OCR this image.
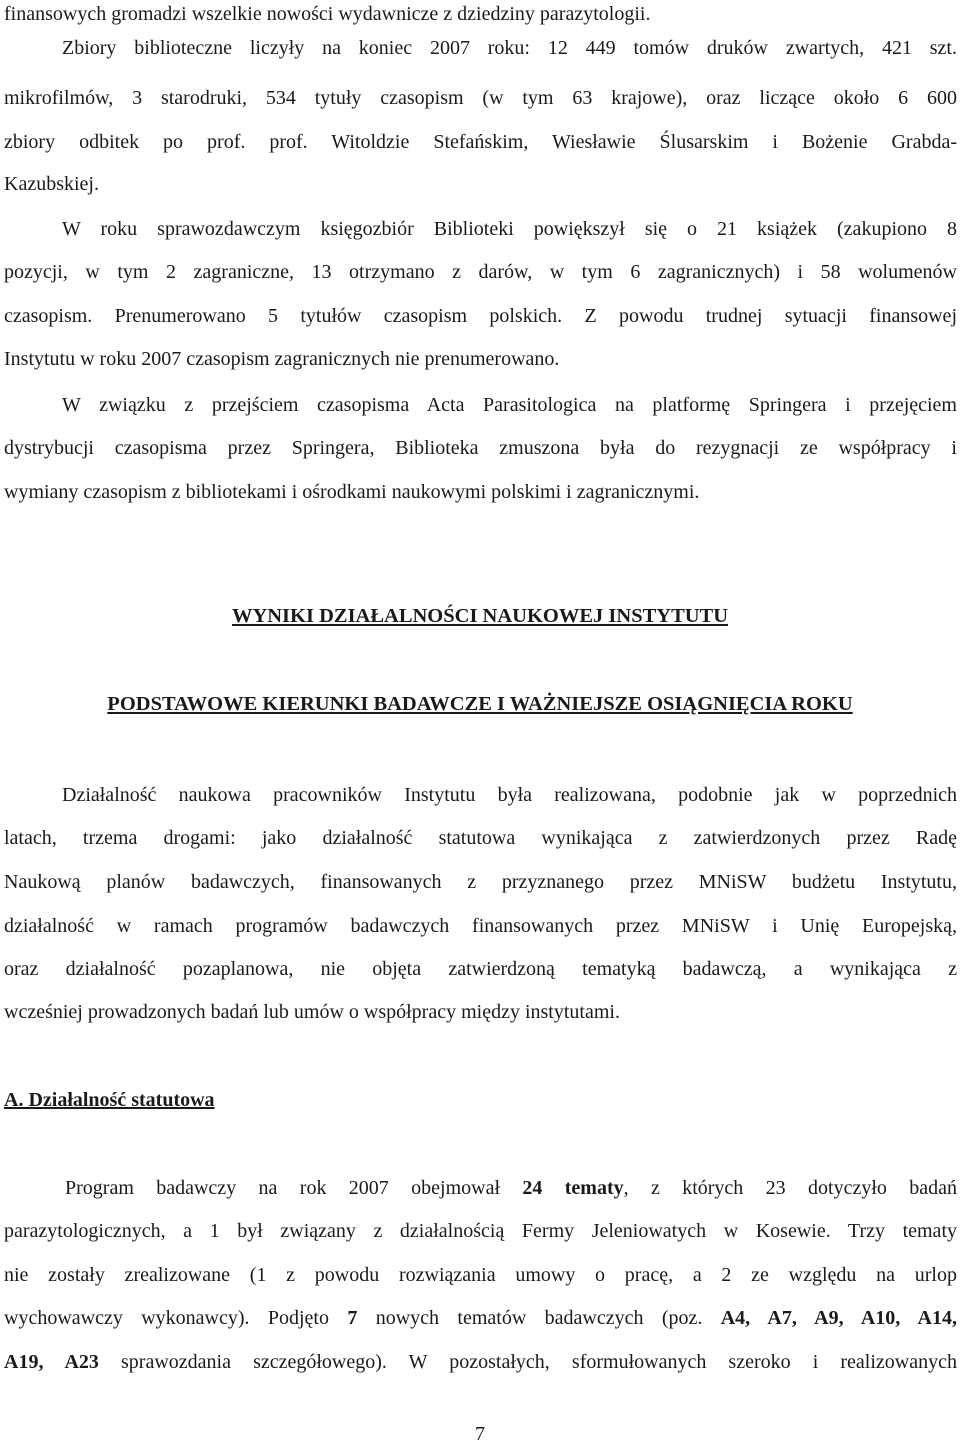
finansowych gromadzi wszelkie nowości wydawnicze z dziedziny parazytologii.
Zbiory biblioteczne liczyły na koniec 2007 roku: 12 449 tomów druków zwartych, 421 szt.
mikrofilmów, 3 starodruki, 534 tytuły czasopism (w tym 63 krajowe), oraz liczące około 6 600
zbiory odbitek po prof. prof. Witoldzie Stefańskim, Wiesławie Ślusarskim i Bożenie Grabda-
Kazubskiej.
W roku sprawozdawczym księgozbiór Biblioteki powiększył się o 21 książek (zakupiono 8
pozycji, w tym 2 zagraniczne, 13 otrzymano z darów, w tym 6 zagranicznych) i 58 wolumenów
czasopism. Prenumerowano 5 tytułów czasopism polskich. Z powodu trudnej sytuacji finansowej
Instytutu w roku 2007 czasopism zagranicznych nie prenumerowano.
W związku z przejściem czasopisma Acta Parasitologica na platformę Springera i przejęciem
dystrybucji czasopisma przez Springera, Biblioteka zmuszona była do rezygnacji ze współpracy i
wymiany czasopism z bibliotekami i ośrodkami naukowymi polskimi i zagranicznymi.
WYNIKI DZIAŁALNOŚCI NAUKOWEJ INSTYTUTU
PODSTAWOWE KIERUNKI BADAWCZE I WAŻNIEJSZE OSIĄGNIĘCIA ROKU
Działalność naukowa pracowników Instytutu była realizowana, podobnie jak w poprzednich
latach, trzema drogami: jako działalność statutowa wynikająca z zatwierdzonych przez Radę
Naukową planów badawczych, finansowanych z przyznanego przez MNiSW budżetu Instytutu,
działalność w ramach programów badawczych finansowanych przez MNiSW i Unię Europejską,
oraz działalność pozaplanowa, nie objęta zatwierdzoną tematyką badawczą, a wynikająca z
wcześniej prowadzonych badań lub umów o współpracy między instytutami.
A. Działalność statutowa
Program badawczy na rok 2007 obejmował 24 tematy, z których 23 dotyczyło badań
parazytologicznych, a 1 był związany z działalnością Fermy Jeleniowatych w Kosewie. Trzy tematy
nie zostały zrealizowane (1 z powodu rozwiązania umowy o pracę, a 2 ze względu na urlop
wychowawczy wykonawcy). Podjęto 7 nowych tematów badawczych (poz. A4, A7, A9, A10, A14,
A19, A23 sprawozdania szczegółowego). W pozostałych, sformułowanych szeroko i realizowanych
7
